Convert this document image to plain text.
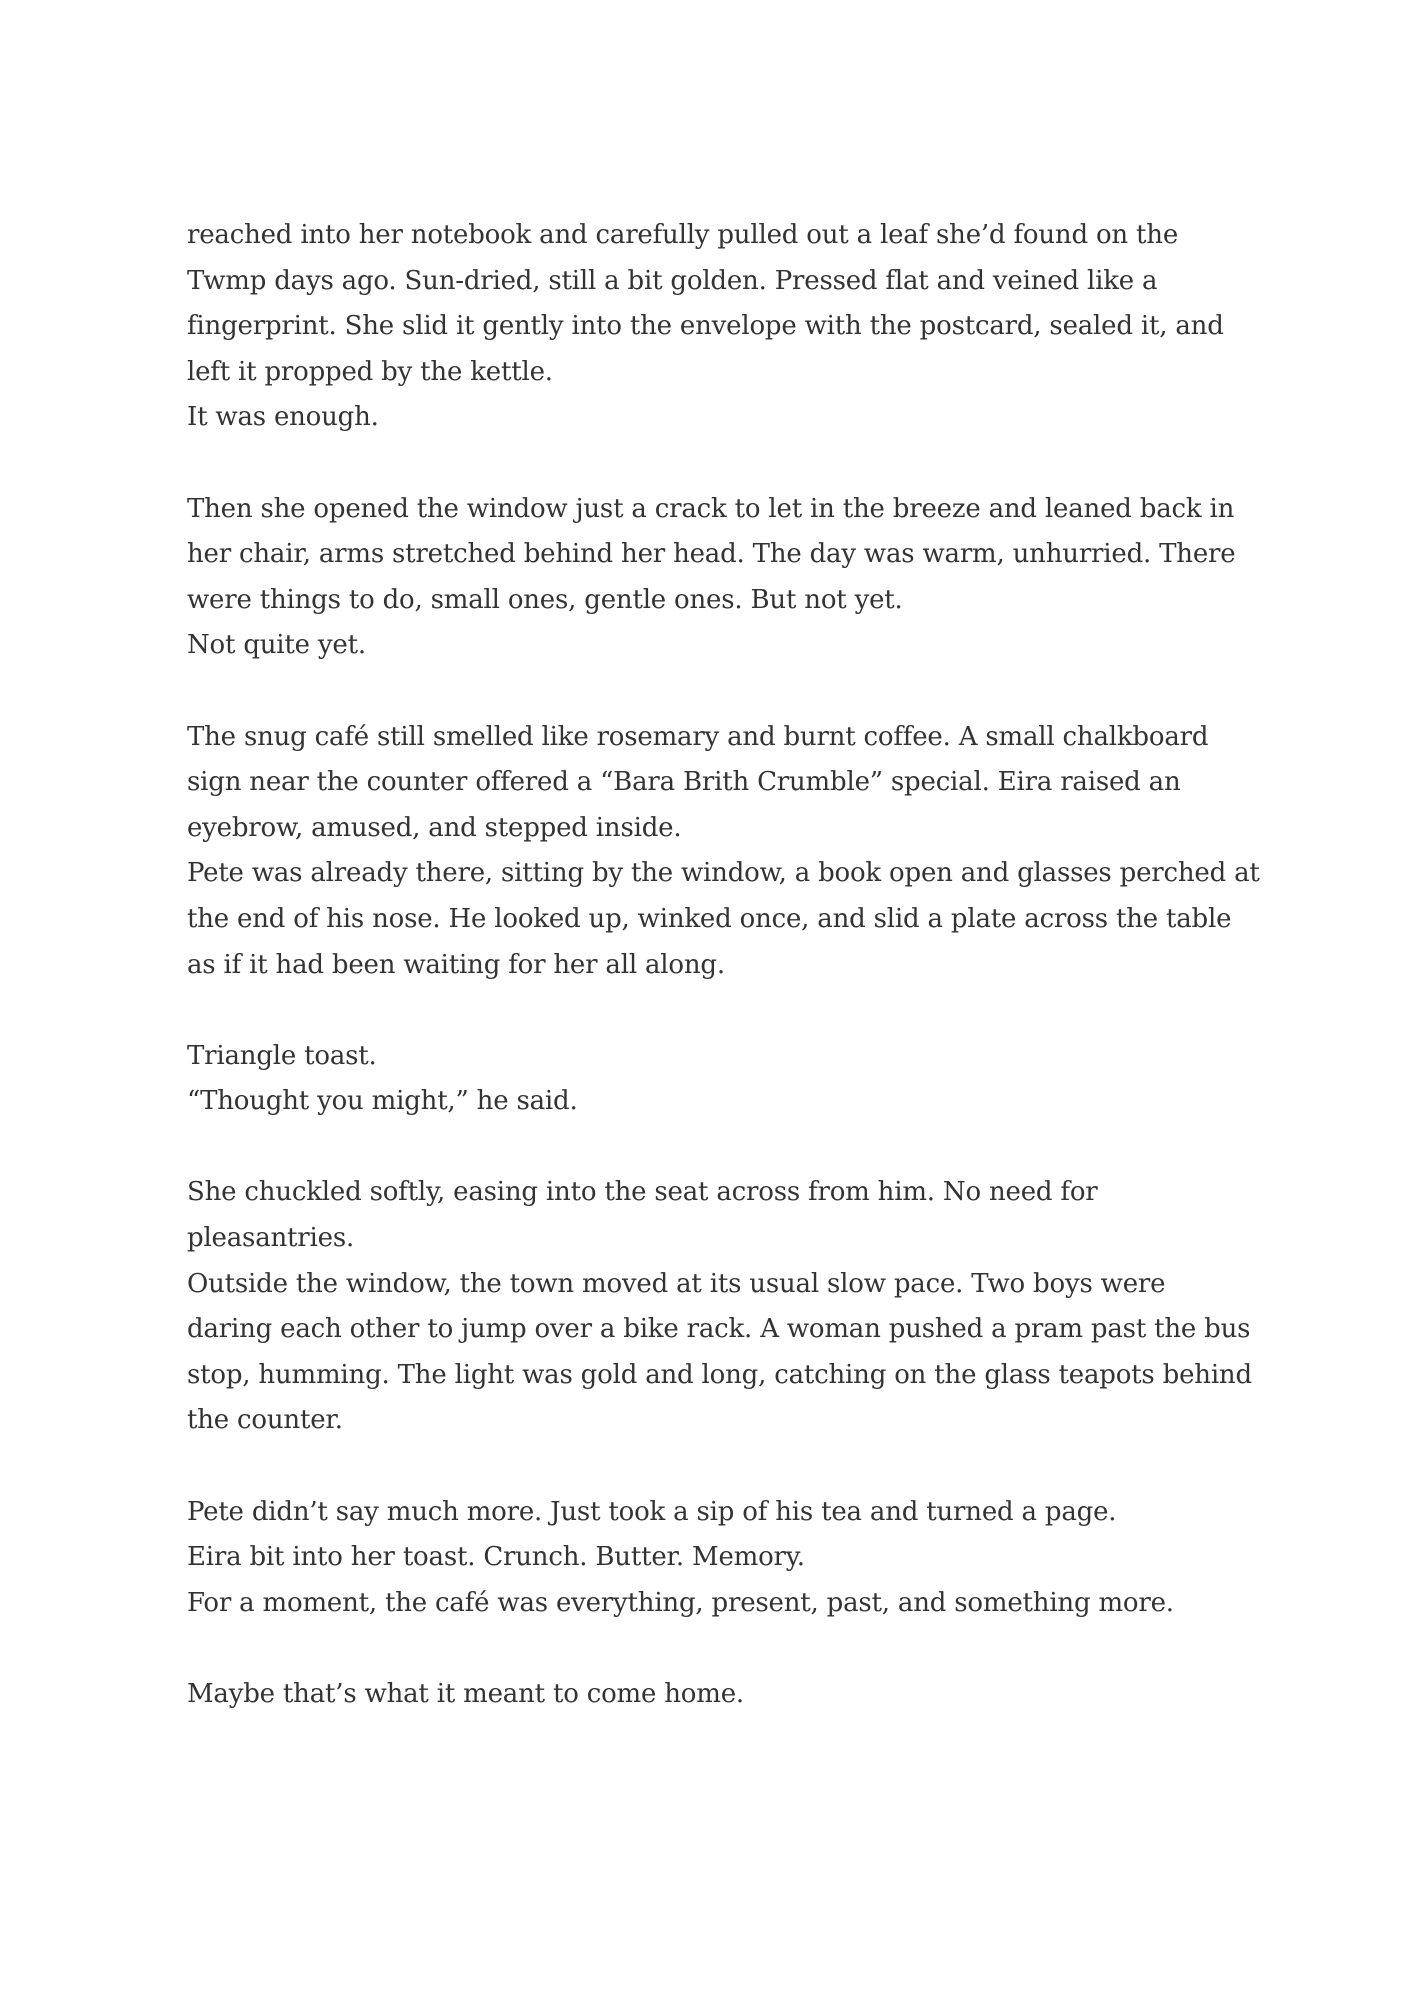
reached into her notebook and carefully pulled out a leaf she’d found on the
Twmp days ago. Sun-dried, still a bit golden. Pressed flat and veined like a
fingerprint. She slid it gently into the envelope with the postcard, sealed it, and
left it propped by the kettle.
It was enough.

Then she opened the window just a crack to let in the breeze and leaned back in
her chair, arms stretched behind her head. The day was warm, unhurried. There
were things to do, small ones, gentle ones. But not yet.
Not quite yet.

The snug café still smelled like rosemary and burnt coffee. A small chalkboard
sign near the counter offered a “Bara Brith Crumble” special. Eira raised an
eyebrow, amused, and stepped inside.
Pete was already there, sitting by the window, a book open and glasses perched at
the end of his nose. He looked up, winked once, and slid a plate across the table
as if it had been waiting for her all along.

Triangle toast.
“Thought you might,” he said.

She chuckled softly, easing into the seat across from him. No need for
pleasantries.
Outside the window, the town moved at its usual slow pace. Two boys were
daring each other to jump over a bike rack. A woman pushed a pram past the bus
stop, humming. The light was gold and long, catching on the glass teapots behind
the counter.

Pete didn’t say much more. Just took a sip of his tea and turned a page.
Eira bit into her toast. Crunch. Butter. Memory.
For a moment, the café was everything, present, past, and something more.

Maybe that’s what it meant to come home.
